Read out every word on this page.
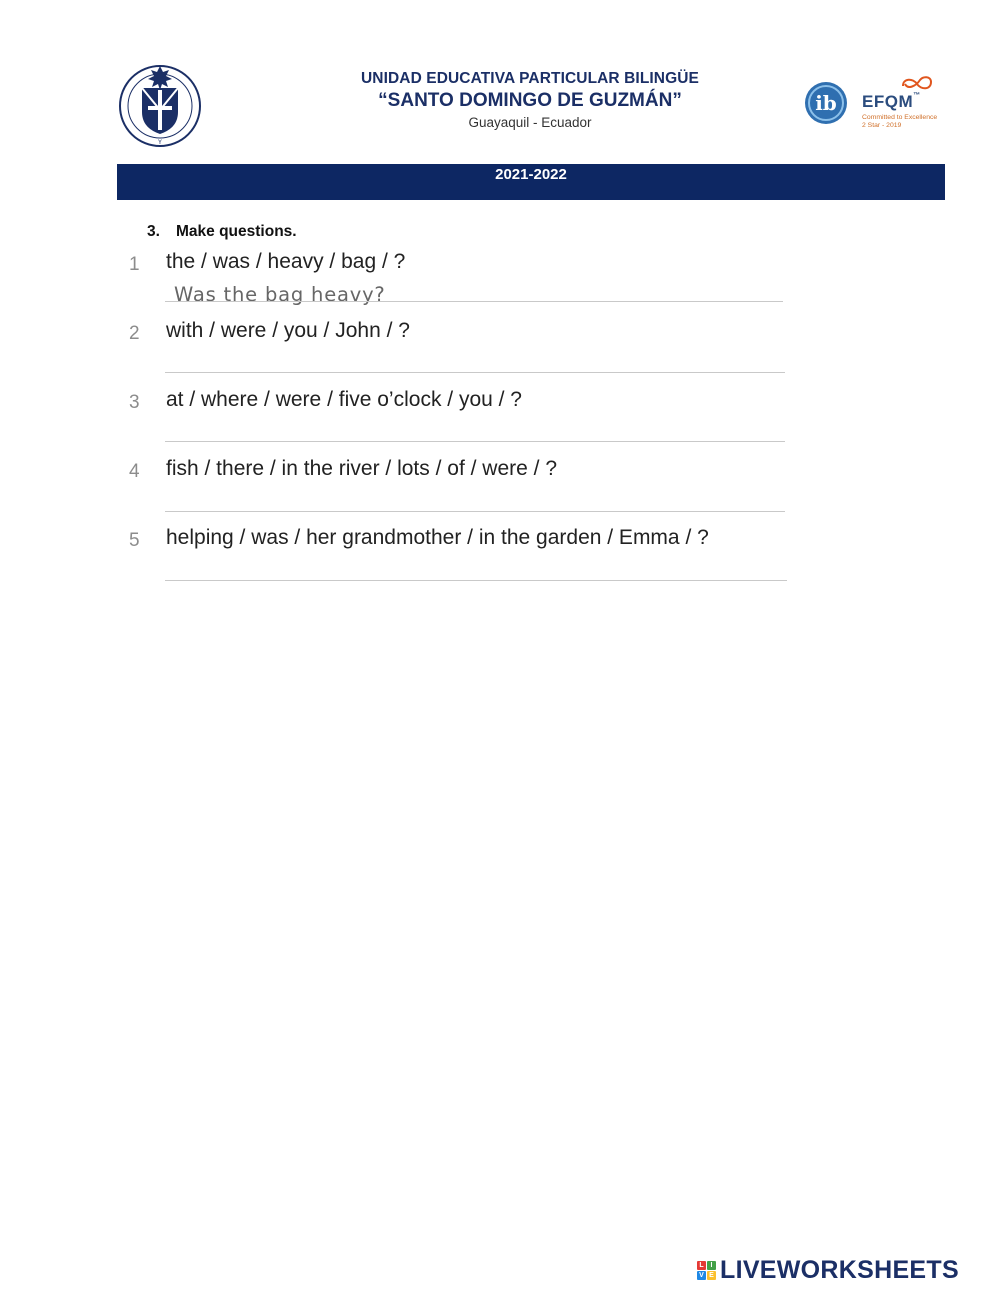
Y
UNIDAD EDUCATIVA PARTICULAR BILINGÜE
“SANTO DOMINGO DE GUZMÁN”
Guayaquil - Ecuador
ib EFQM™
Committed to Excellence
2 Star - 2019
2021-2022
3. Make questions.
1 the / was / heavy / bag / ?
Was the bag heavy?
2 with / were / you / John / ?
3 at / where / were / five o’clock / you / ?
4 fish / there / in the river / lots / of / were / ?
5 helping / was / her grandmother / in the garden / Emma / ?
L I
V E LIVEWORKSHEETS
